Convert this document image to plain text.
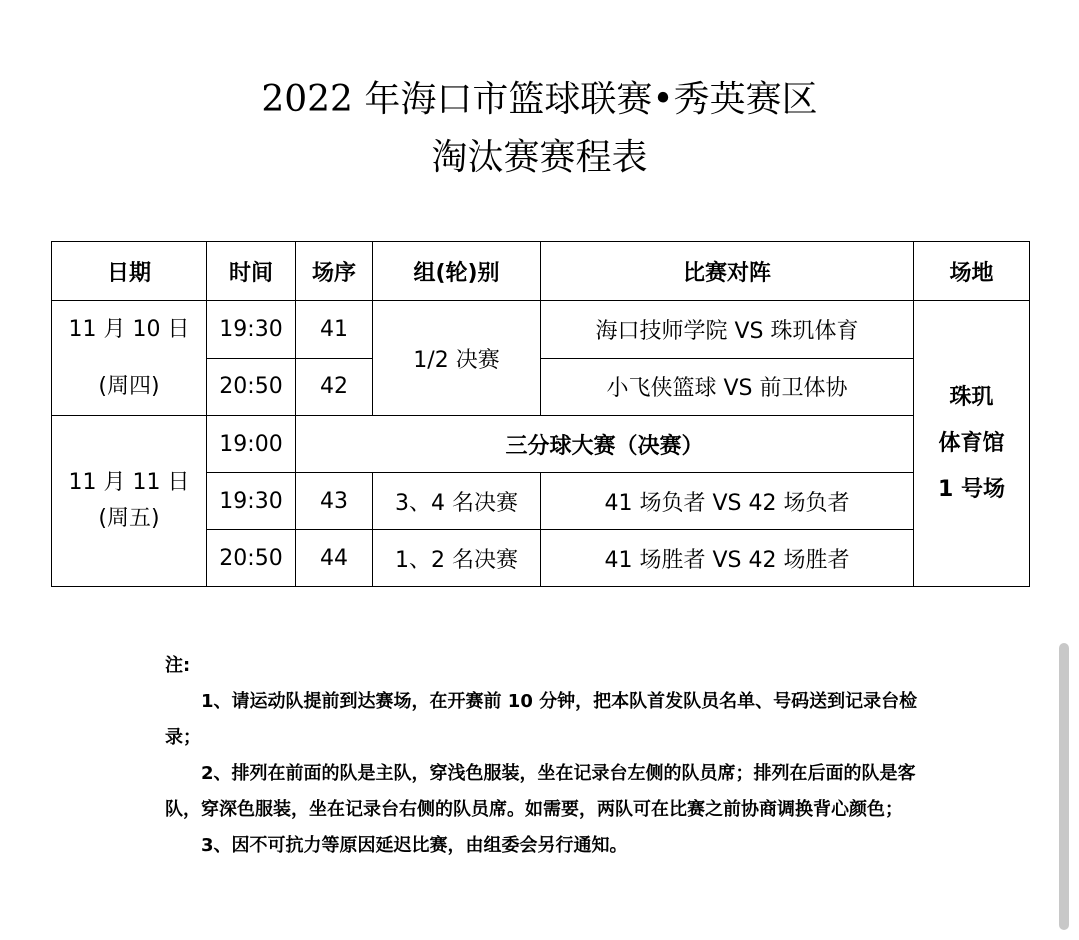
2022 年海口市篮球联赛•秀英赛区
淘汰赛赛程表
日期	时间	场序	组(轮)别	比赛对阵	场地

11 月 10 日
(周四)	19:30	41	1/2 决赛	海口技师学院 VS 珠玑体育	珠玑
体育馆
1 号场

	20:50	42		小飞侠篮球 VS 前卫体协	

11 月 11 日
(周五)	19:00	三分球大赛（决赛）			
	19:30	43	3、4 名决赛	41 场负者 VS 42 场负者	
	20:50	44	1、2 名决赛	41 场胜者 VS 42 场胜者	

注:

1、请运动队提前到达赛场，在开赛前 10 分钟，把本队首发队员名单、号码送到记录台检录；

2、排列在前面的队是主队，穿浅色服装，坐在记录台左侧的队员席；排列在后面的队是客队，穿深色服装，坐在记录台右侧的队员席。如需要，两队可在比赛之前协商调换背心颜色；

3、因不可抗力等原因延迟比赛，由组委会另行通知。
